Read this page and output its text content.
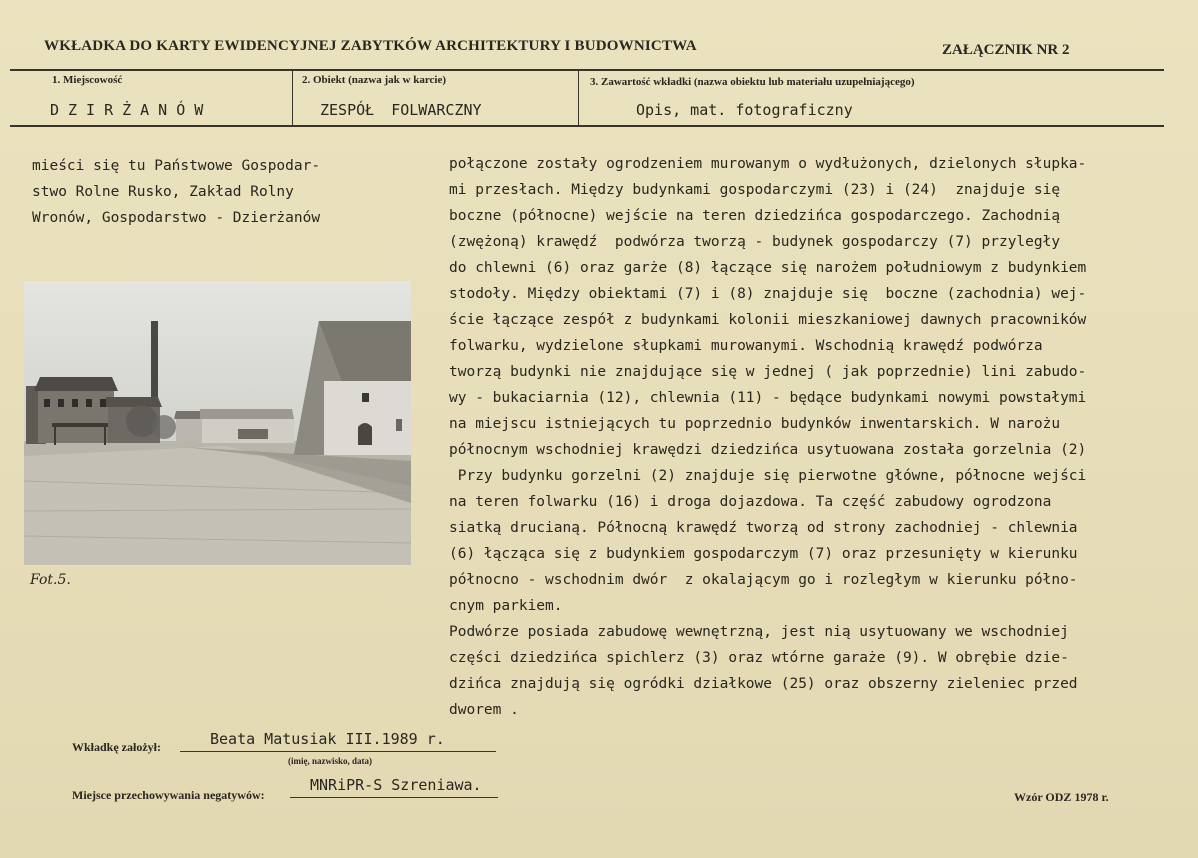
WKŁADKA DO KARTY EWIDENCYJNEJ ZABYTKÓW ARCHITEKTURY I BUDOWNICTWA	ZAŁĄCZNIK NR 2
1. Miejscowość
DZIRŻANÓW
2. Obiekt (nazwa jak w karcie)
ZESPÓŁ FOLWARCZNY
3. Zawartość wkładki (nazwa obiektu lub materiału uzupełniającego)
Opis, mat. fotograficzny
mieści się tu Państwowe Gospodar-
stwo Rolne Rusko, Zakład Rolny
Wronów, Gospodarstwo - Dzierżanów
Fot.5.
połączone zostały ogrodzeniem murowanym o wydłużonych, dzielonych słupka-
mi przesłach. Między budynkami gospodarczymi (23) i (24)  znajduje się
boczne (północne) wejście na teren dziedzińca gospodarczego. Zachodnią
(zwężoną) krawędź  podwórza tworzą - budynek gospodarczy (7) przyległy
do chlewni (6) oraz garże (8) łączące się narożem południowym z budynkiem
stodoły. Między obiektami (7) i (8) znajduje się  boczne (zachodnia) wej-
ście łączące zespół z budynkami kolonii mieszkaniowej dawnych pracowników
folwarku, wydzielone słupkami murowanymi. Wschodnią krawędź podwórza
tworzą budynki nie znajdujące się w jednej ( jak poprzednie) lini zabudo-
wy - bukaciarnia (12), chlewnia (11) - będące budynkami nowymi powstałymi
na miejscu istniejących tu poprzednio budynków inwentarskich. W narożu
północnym wschodniej krawędzi dziedzińca usytuowana została gorzelnia (2)
Przy budynku gorzelni (2) znajduje się pierwotne główne, północne wejści
na teren folwarku (16) i droga dojazdowa. Ta część zabudowy ogrodzona
siatką drucianą. Północną krawędź tworzą od strony zachodniej - chlewnia
(6) łącząca się z budynkiem gospodarczym (7) oraz przesunięty w kierunku
północno - wschodnim dwór  z okalającym go i rozległym w kierunku półno-
cnym parkiem.
Podwórze posiada zabudowę wewnętrzną, jest nią usytuowany we wschodniej
części dziedzińca spichlerz (3) oraz wtórne garaże (9). W obrębie dzie-
dzińca znajdują się ogródki działkowe (25) oraz obszerny zieleniec przed
dworem .
Wkładkę założył:	Beata Matusiak III.1989 r.
(imię, nazwisko, data)
Miejsce przechowywania negatywów:
MNRiPR-S Szreniawa.
Wzór ODZ 1978 r.
